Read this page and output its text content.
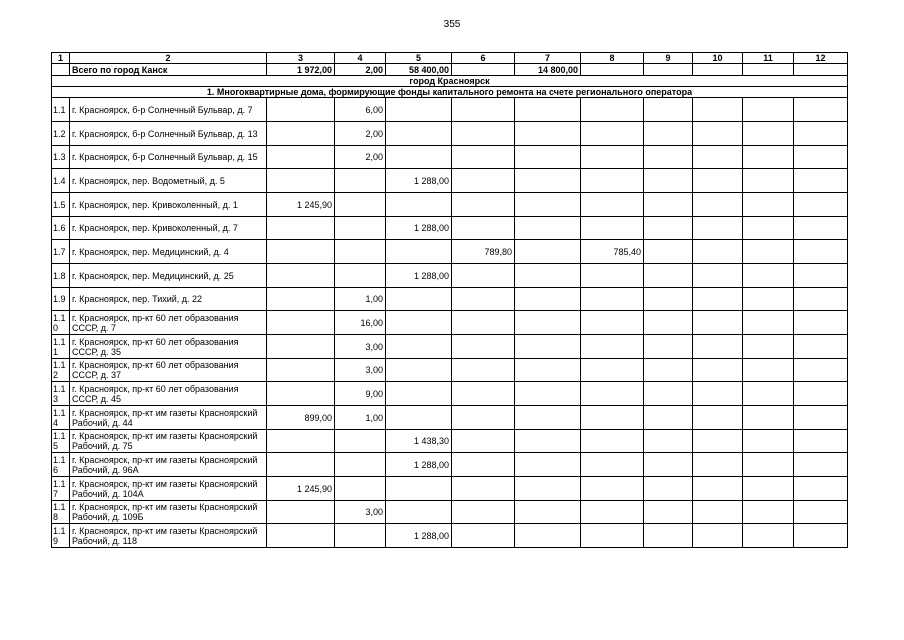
355
1	2	3	4	5	6	7	8	9	10	11	12
	Всего по город Канск	1 972,00	2,00	58 400,00		14 800,00					
город Красноярск											
1. Многоквартирные дома, формирующие фонды капитального ремонта на счете регионального оператора											
1.1	г. Красноярск, б-р Солнечный Бульвар, д. 7		6,00								
1.2	г. Красноярск, б-р Солнечный Бульвар, д. 13		2,00								
1.3	г. Красноярск, б-р Солнечный Бульвар, д. 15		2,00								
1.4	г. Красноярск, пер. Водометный, д. 5			1 288,00							
1.5	г. Красноярск, пер. Кривоколенный, д. 1	1 245,90									
1.6	г. Красноярск, пер. Кривоколенный, д. 7			1 288,00							
1.7	г. Красноярск, пер. Медицинский, д. 4				789,80		785,40				
1.8	г. Красноярск, пер. Медицинский, д. 25			1 288,00							
1.9	г. Красноярск, пер. Тихий, д. 22		1,00								
1.1 0	г. Красноярск, пр-кт 60 лет образования СССР, д. 7		16,00								
1.1 1	г. Красноярск, пр-кт 60 лет образования СССР, д. 35		3,00								
1.1 2	г. Красноярск, пр-кт 60 лет образования СССР, д. 37		3,00								
1.1 3	г. Красноярск, пр-кт 60 лет образования СССР, д. 45		9,00								
1.1 4	г. Красноярск, пр-кт им газеты Красноярский Рабочий, д. 44	899,00	1,00								
1.1 5	г. Красноярск, пр-кт им газеты Красноярский Рабочий, д. 75			1 438,30							
1.1 6	г. Красноярск, пр-кт им газеты Красноярский Рабочий, д. 96А			1 288,00							
1.1 7	г. Красноярск, пр-кт им газеты Красноярский Рабочий, д. 104А	1 245,90									
1.1 8	г. Красноярск, пр-кт им газеты Красноярский Рабочий, д. 109Б		3,00								
1.1 9	г. Красноярск, пр-кт им газеты Красноярский Рабочий, д. 118			1 288,00							
